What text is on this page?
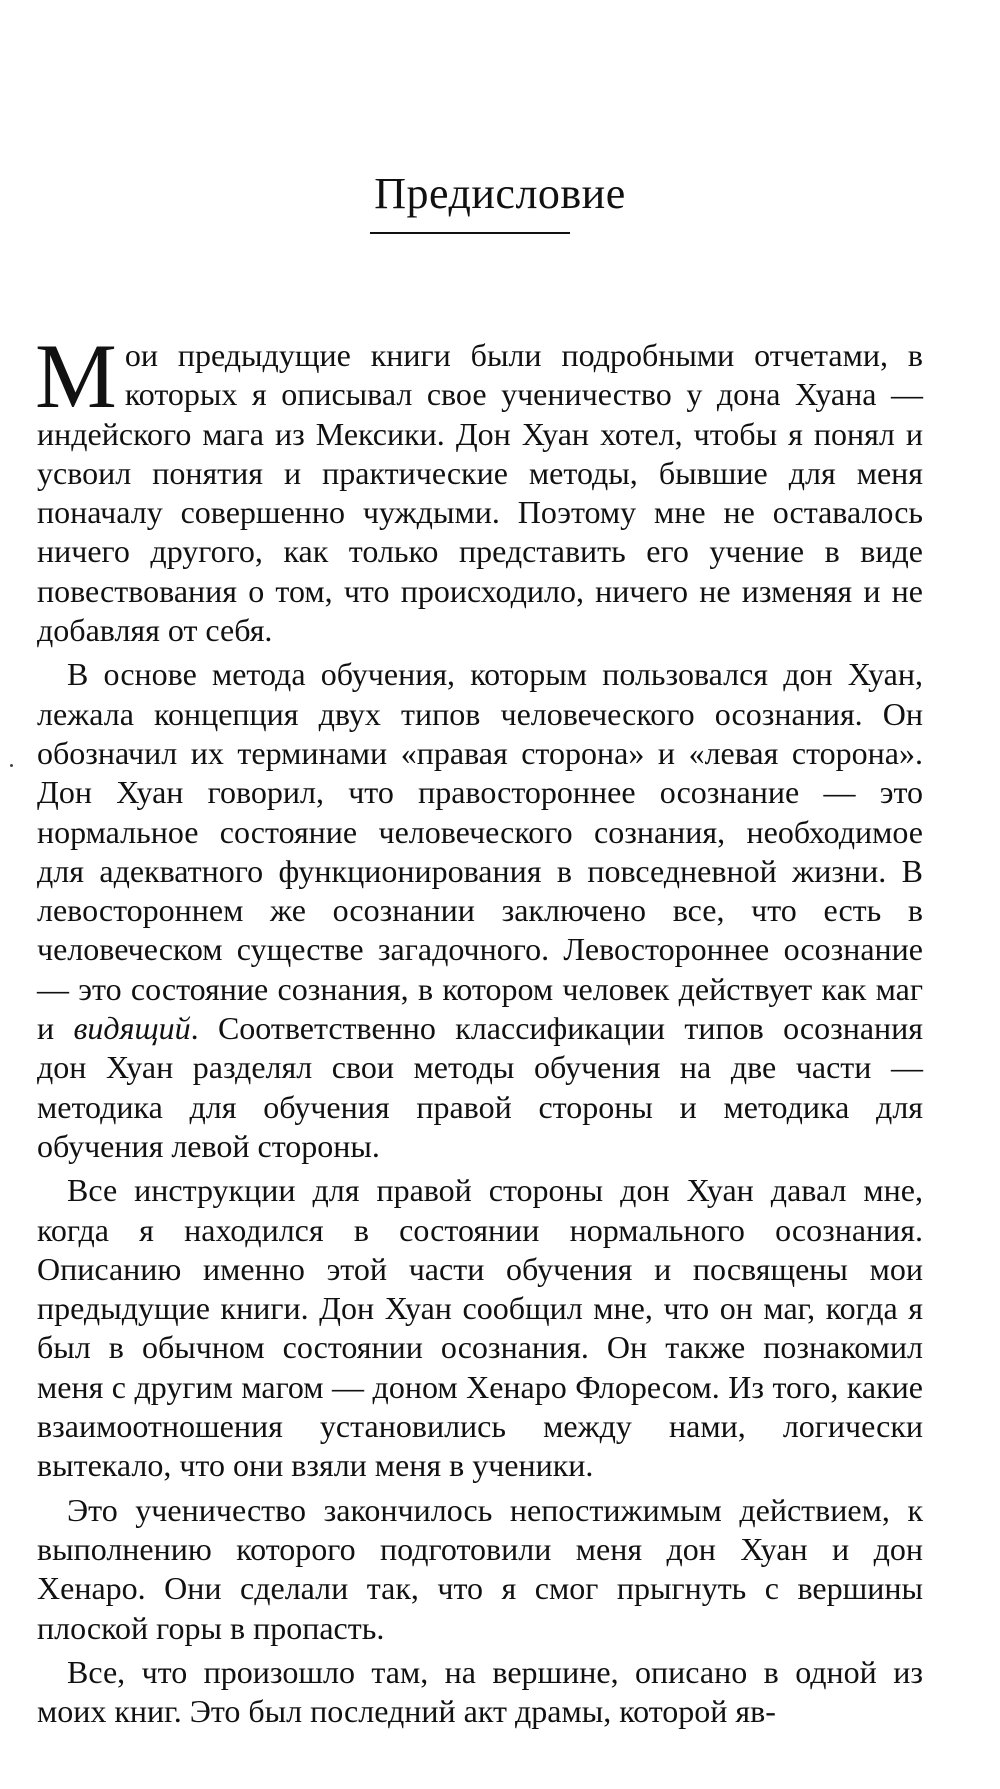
Предисловие

Мои предыдущие книги были подробными отчетами, в которых я описывал свое ученичество у дона Хуана — индейского мага из Мексики. Дон Хуан хотел, чтобы я понял и усвоил понятия и практические методы, бывшие для меня поначалу совершенно чуждыми. Поэтому мне не оставалось ничего другого, как только представить его учение в виде повествования о том, что происходило, ничего не изменяя и не добавляя от себя.

В основе метода обучения, которым пользовался дон Хуан, лежала концепция двух типов человеческого осознания. Он обозначил их терминами «правая сторона» и «левая сторона». Дон Хуан говорил, что правостороннее осознание — это нормальное состояние человеческого сознания, необходимое для адекватного функционирования в повседневной жизни. В левостороннем же осознании заключено все, что есть в человеческом существе загадочного. Левостороннее осознание — это состояние сознания, в котором человек действует как маг и видящий. Соответственно классификации типов осознания дон Хуан разделял свои методы обучения на две части — методика для обучения правой стороны и методика для обучения левой стороны.

Все инструкции для правой стороны дон Хуан давал мне, когда я находился в состоянии нормального осознания. Описанию именно этой части обучения и посвящены мои предыдущие книги. Дон Хуан сообщил мне, что он маг, когда я был в обычном состоянии осознания. Он также познакомил меня с другим магом — доном Хенаро Флоресом. Из того, какие взаимоотношения установились между нами, логически вытекало, что они взяли меня в ученики.

Это ученичество закончилось непостижимым действием, к выполнению которого подготовили меня дон Хуан и дон Хенаро. Они сделали так, что я смог прыгнуть с вершины плоской горы в пропасть.

Все, что произошло там, на вершине, описано в одной из моих книг. Это был последний акт драмы, которой яв-
